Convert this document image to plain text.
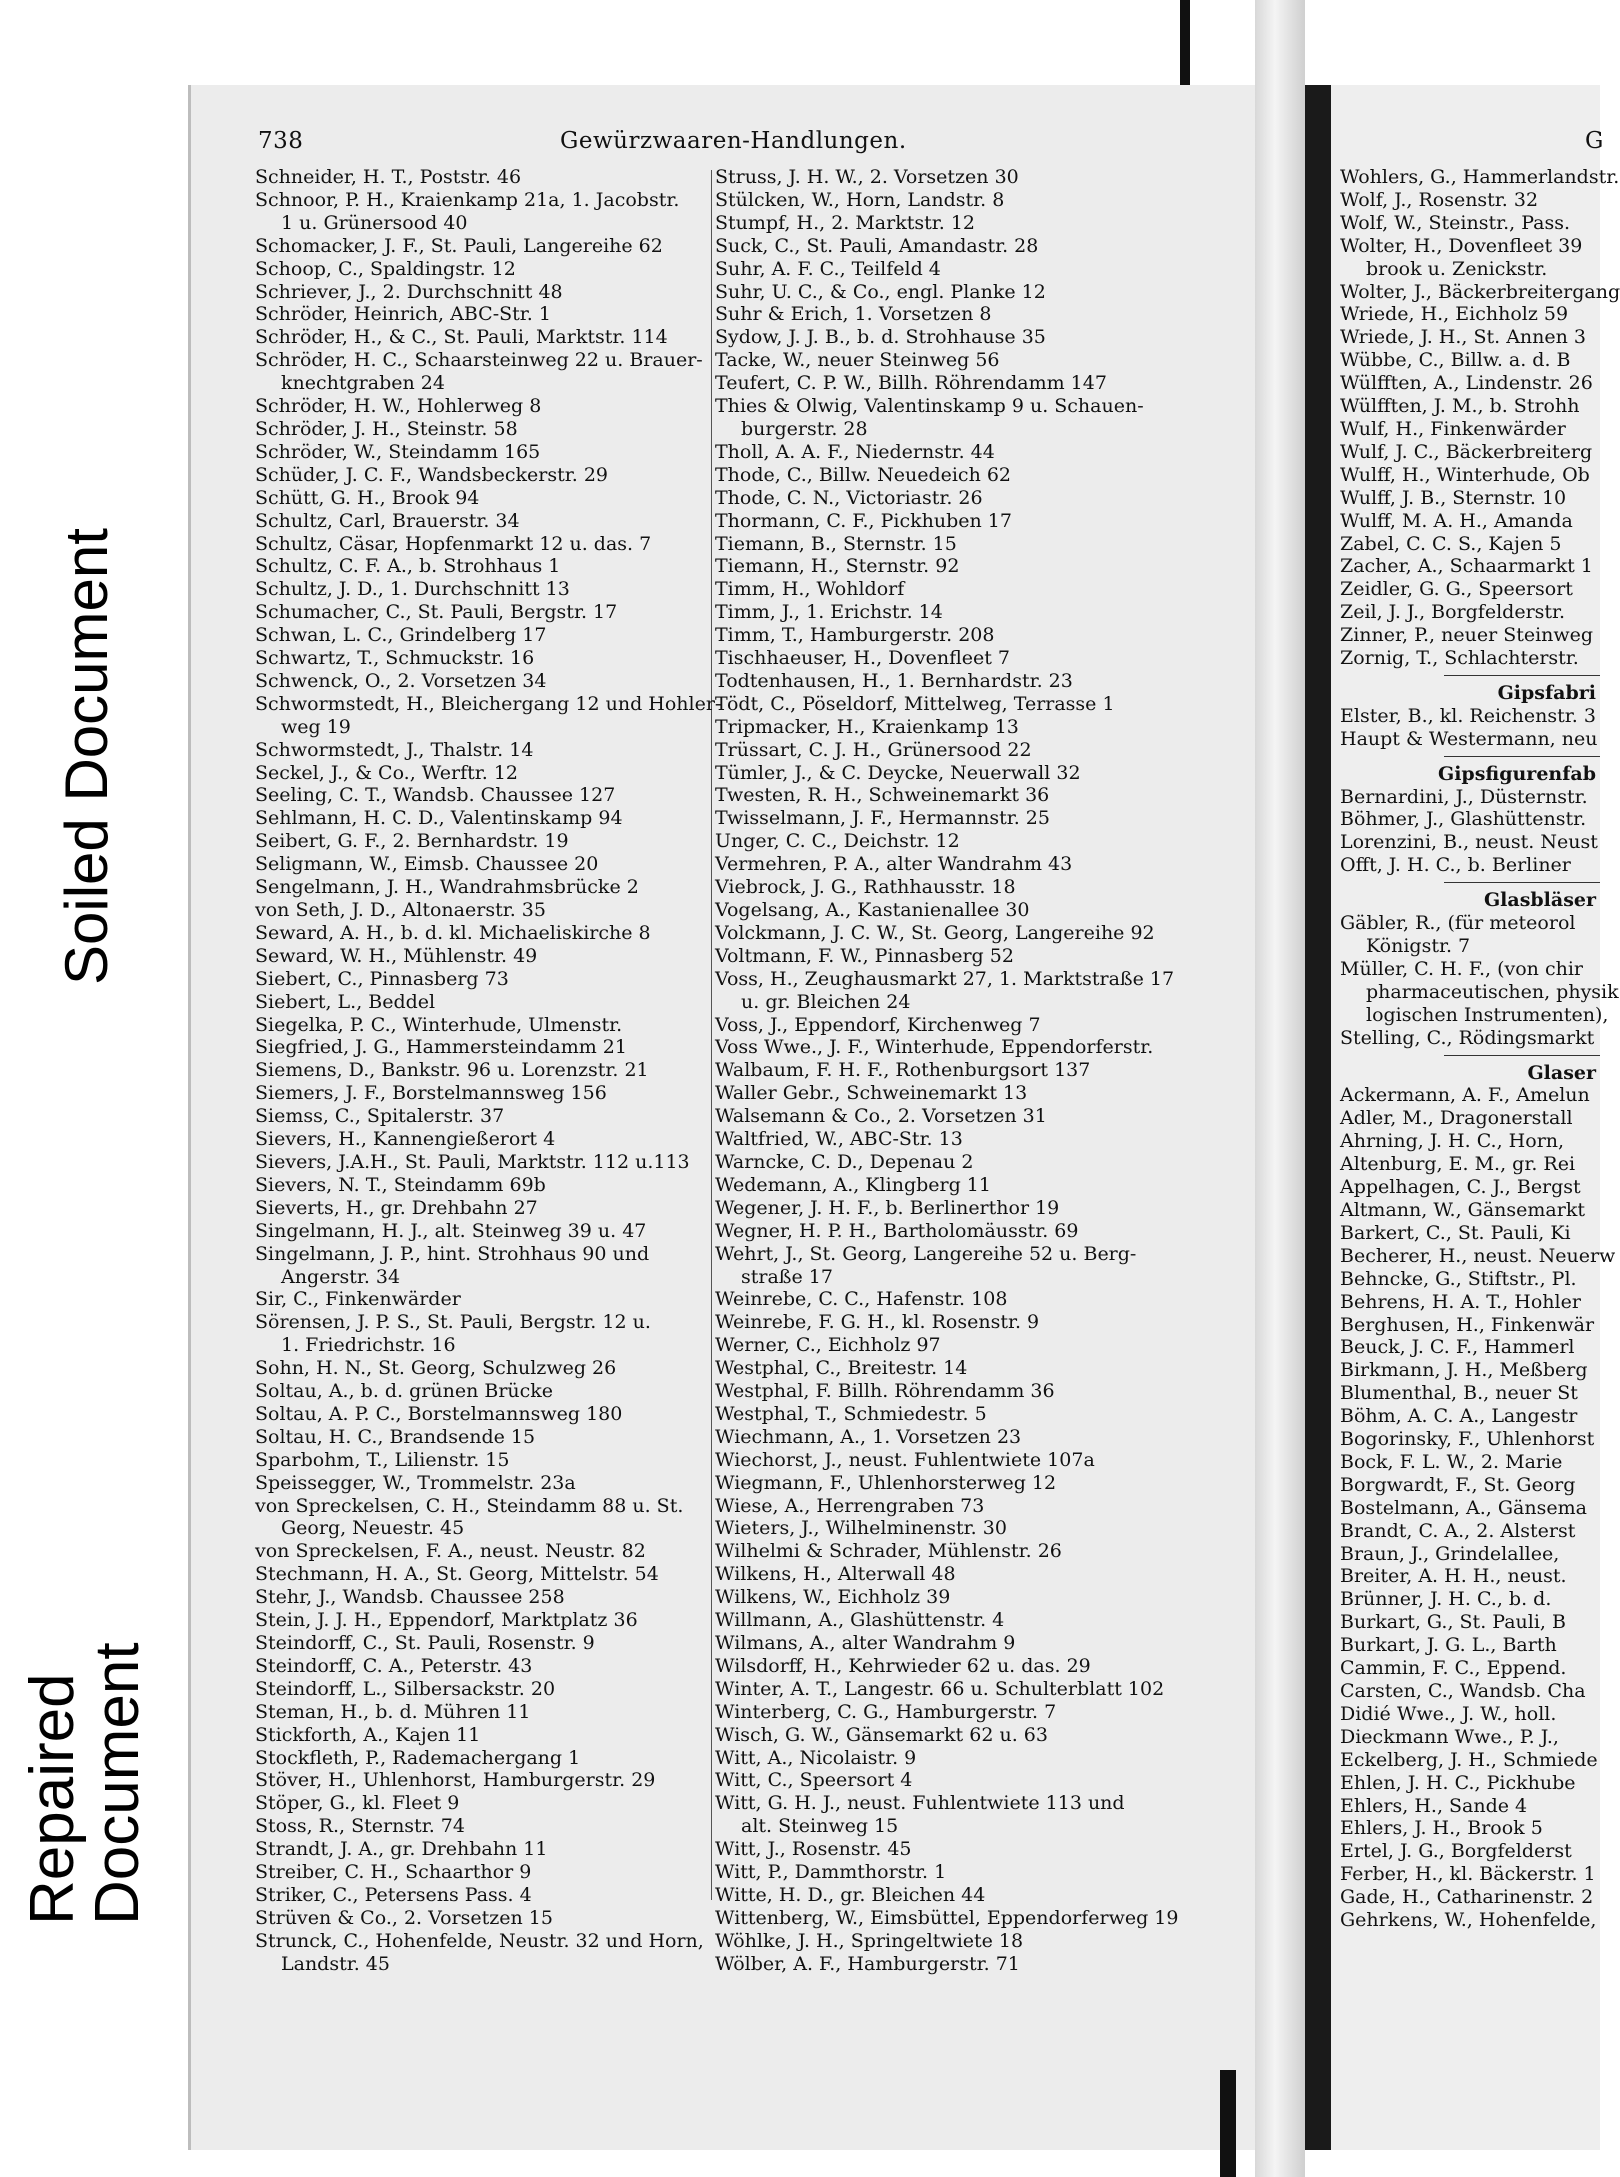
Soiled Document
Repaired
Document
738	Gewürzwaaren-Handlungen.	G
Schneider, H. T., Poststr. 46
Schnoor, P. H., Kraienkamp 21a, 1. Jacobstr.
1 u. Grünersood 40
Schomacker, J. F., St. Pauli, Langereihe 62
Schoop, C., Spaldingstr. 12
Schriever, J., 2. Durchschnitt 48
Schröder, Heinrich, ABC-Str. 1
Schröder, H., & C., St. Pauli, Marktstr. 114
Schröder, H. C., Schaarsteinweg 22 u. Brauer-
knechtgraben 24
Schröder, H. W., Hohlerweg 8
Schröder, J. H., Steinstr. 58
Schröder, W., Steindamm 165
Schüder, J. C. F., Wandsbeckerstr. 29
Schütt, G. H., Brook 94
Schultz, Carl, Brauerstr. 34
Schultz, Cäsar, Hopfenmarkt 12 u. das. 7
Schultz, C. F. A., b. Strohhaus 1
Schultz, J. D., 1. Durchschnitt 13
Schumacher, C., St. Pauli, Bergstr. 17
Schwan, L. C., Grindelberg 17
Schwartz, T., Schmuckstr. 16
Schwenck, O., 2. Vorsetzen 34
Schwormstedt, H., Bleichergang 12 und Hohler-
weg 19
Schwormstedt, J., Thalstr. 14
Seckel, J., & Co., Werftr. 12
Seeling, C. T., Wandsb. Chaussee 127
Sehlmann, H. C. D., Valentinskamp 94
Seibert, G. F., 2. Bernhardstr. 19
Seligmann, W., Eimsb. Chaussee 20
Sengelmann, J. H., Wandrahmsbrücke 2
von Seth, J. D., Altonaerstr. 35
Seward, A. H., b. d. kl. Michaeliskirche 8
Seward, W. H., Mühlenstr. 49
Siebert, C., Pinnasberg 73
Siebert, L., Beddel
Siegelka, P. C., Winterhude, Ulmenstr.
Siegfried, J. G., Hammersteindamm 21
Siemens, D., Bankstr. 96 u. Lorenzstr. 21
Siemers, J. F., Borstelmannsweg 156
Siemss, C., Spitalerstr. 37
Sievers, H., Kannengießerort 4
Sievers, J.A.H., St. Pauli, Marktstr. 112 u.113
Sievers, N. T., Steindamm 69b
Sieverts, H., gr. Drehbahn 27
Singelmann, H. J., alt. Steinweg 39 u. 47
Singelmann, J. P., hint. Strohhaus 90 und
Angerstr. 34
Sir, C., Finkenwärder
Sörensen, J. P. S., St. Pauli, Bergstr. 12 u.
1. Friedrichstr. 16
Sohn, H. N., St. Georg, Schulzweg 26
Soltau, A., b. d. grünen Brücke
Soltau, A. P. C., Borstelmannsweg 180
Soltau, H. C., Brandsende 15
Sparbohm, T., Lilienstr. 15
Speissegger, W., Trommelstr. 23a
von Spreckelsen, C. H., Steindamm 88 u. St.
Georg, Neuestr. 45
von Spreckelsen, F. A., neust. Neustr. 82
Stechmann, H. A., St. Georg, Mittelstr. 54
Stehr, J., Wandsb. Chaussee 258
Stein, J. J. H., Eppendorf, Marktplatz 36
Steindorff, C., St. Pauli, Rosenstr. 9
Steindorff, C. A., Peterstr. 43
Steindorff, L., Silbersackstr. 20
Steman, H., b. d. Mühren 11
Stickforth, A., Kajen 11
Stockfleth, P., Rademachergang 1
Stöver, H., Uhlenhorst, Hamburgerstr. 29
Stöper, G., kl. Fleet 9
Stoss, R., Sternstr. 74
Strandt, J. A., gr. Drehbahn 11
Streiber, C. H., Schaarthor 9
Striker, C., Petersens Pass. 4
Strüven & Co., 2. Vorsetzen 15
Strunck, C., Hohenfelde, Neustr. 32 und Horn,
Landstr. 45
Struss, J. H. W., 2. Vorsetzen 30
Stülcken, W., Horn, Landstr. 8
Stumpf, H., 2. Marktstr. 12
Suck, C., St. Pauli, Amandastr. 28
Suhr, A. F. C., Teilfeld 4
Suhr, U. C., & Co., engl. Planke 12
Suhr & Erich, 1. Vorsetzen 8
Sydow, J. J. B., b. d. Strohhause 35
Tacke, W., neuer Steinweg 56
Teufert, C. P. W., Billh. Röhrendamm 147
Thies & Olwig, Valentinskamp 9 u. Schauen-
burgerstr. 28
Tholl, A. A. F., Niedernstr. 44
Thode, C., Billw. Neuedeich 62
Thode, C. N., Victoriastr. 26
Thormann, C. F., Pickhuben 17
Tiemann, B., Sternstr. 15
Tiemann, H., Sternstr. 92
Timm, H., Wohldorf
Timm, J., 1. Erichstr. 14
Timm, T., Hamburgerstr. 208
Tischhaeuser, H., Dovenfleet 7
Todtenhausen, H., 1. Bernhardstr. 23
Tödt, C., Pöseldorf, Mittelweg, Terrasse 1
Tripmacker, H., Kraienkamp 13
Trüssart, C. J. H., Grünersood 22
Tümler, J., & C. Deycke, Neuerwall 32
Twesten, R. H., Schweinemarkt 36
Twisselmann, J. F., Hermannstr. 25
Unger, C. C., Deichstr. 12
Vermehren, P. A., alter Wandrahm 43
Viebrock, J. G., Rathhausstr. 18
Vogelsang, A., Kastanienallee 30
Volckmann, J. C. W., St. Georg, Langereihe 92
Voltmann, F. W., Pinnasberg 52
Voss, H., Zeughausmarkt 27, 1. Marktstraße 17
u. gr. Bleichen 24
Voss, J., Eppendorf, Kirchenweg 7
Voss Wwe., J. F., Winterhude, Eppendorferstr.
Walbaum, F. H. F., Rothenburgsort 137
Waller Gebr., Schweinemarkt 13
Walsemann & Co., 2. Vorsetzen 31
Waltfried, W., ABC-Str. 13
Warncke, C. D., Depenau 2
Wedemann, A., Klingberg 11
Wegener, J. H. F., b. Berlinerthor 19
Wegner, H. P. H., Bartholomäusstr. 69
Wehrt, J., St. Georg, Langereihe 52 u. Berg-
straße 17
Weinrebe, C. C., Hafenstr. 108
Weinrebe, F. G. H., kl. Rosenstr. 9
Werner, C., Eichholz 97
Westphal, C., Breitestr. 14
Westphal, F. Billh. Röhrendamm 36
Westphal, T., Schmiedestr. 5
Wiechmann, A., 1. Vorsetzen 23
Wiechorst, J., neust. Fuhlentwiete 107a
Wiegmann, F., Uhlenhorsterweg 12
Wiese, A., Herrengraben 73
Wieters, J., Wilhelminenstr. 30
Wilhelmi & Schrader, Mühlenstr. 26
Wilkens, H., Alterwall 48
Wilkens, W., Eichholz 39
Willmann, A., Glashüttenstr. 4
Wilmans, A., alter Wandrahm 9
Wilsdorff, H., Kehrwieder 62 u. das. 29
Winter, A. T., Langestr. 66 u. Schulterblatt 102
Winterberg, C. G., Hamburgerstr. 7
Wisch, G. W., Gänsemarkt 62 u. 63
Witt, A., Nicolaistr. 9
Witt, C., Speersort 4
Witt, G. H. J., neust. Fuhlentwiete 113 und
alt. Steinweg 15
Witt, J., Rosenstr. 45
Witt, P., Dammthorstr. 1
Witte, H. D., gr. Bleichen 44
Wittenberg, W., Eimsbüttel, Eppendorferweg 19
Wöhlke, J. H., Springeltwiete 18
Wölber, A. F., Hamburgerstr. 71
Wohlers, G., Hammerlandstr.
Wolf, J., Rosenstr. 32
Wolf, W., Steinstr., Pass.
Wolter, H., Dovenfleet 39
brook u. Zenickstr.
Wolter, J., Bäckerbreitergang
Wriede, H., Eichholz 59
Wriede, J. H., St. Annen 3
Wübbe, C., Billw. a. d. B
Wülfften, A., Lindenstr. 26
Wülfften, J. M., b. Strohh
Wulf, H., Finkenwärder
Wulf, J. C., Bäckerbreiterg
Wulff, H., Winterhude, Ob
Wulff, J. B., Sternstr. 10
Wulff, M. A. H., Amanda
Zabel, C. C. S., Kajen 5
Zacher, A., Schaarmarkt 1
Zeidler, G. G., Speersort
Zeil, J. J., Borgfelderstr.
Zinner, P., neuer Steinweg
Zornig, T., Schlachterstr.
Gipsfabri
Elster, B., kl. Reichenstr. 3
Haupt & Westermann, neu
Gipsfigurenfab
Bernardini, J., Düsternstr.
Böhmer, J., Glashüttenstr.
Lorenzini, B., neust. Neust
Offt, J. H. C., b. Berliner
Glasbläser
Gäbler, R., (für meteorol
Königstr. 7
Müller, C. H. F., (von chir
pharmaceutischen, physik
logischen Instrumenten),
Stelling, C., Rödingsmarkt
Glaser
Ackermann, A. F., Amelun
Adler, M., Dragonerstall
Ahrning, J. H. C., Horn,
Altenburg, E. M., gr. Rei
Appelhagen, C. J., Bergst
Altmann, W., Gänsemarkt
Barkert, C., St. Pauli, Ki
Becherer, H., neust. Neuerw
Behncke, G., Stiftstr., Pl.
Behrens, H. A. T., Hohler
Berghusen, H., Finkenwär
Beuck, J. C. F., Hammerl
Birkmann, J. H., Meßberg
Blumenthal, B., neuer St
Böhm, A. C. A., Langestr
Bogorinsky, F., Uhlenhorst
Bock, F. L. W., 2. Marie
Borgwardt, F., St. Georg
Bostelmann, A., Gänsema
Brandt, C. A., 2. Alsterst
Braun, J., Grindelallee,
Breiter, A. H. H., neust.
Brünner, J. H. C., b. d.
Burkart, G., St. Pauli, B
Burkart, J. G. L., Barth
Cammin, F. C., Eppend.
Carsten, C., Wandsb. Cha
Didié Wwe., J. W., holl.
Dieckmann Wwe., P. J.,
Eckelberg, J. H., Schmiede
Ehlen, J. H. C., Pickhube
Ehlers, H., Sande 4
Ehlers, J. H., Brook 5
Ertel, J. G., Borgfelderst
Ferber, H., kl. Bäckerstr. 1
Gade, H., Catharinenstr. 2
Gehrkens, W., Hohenfelde,
